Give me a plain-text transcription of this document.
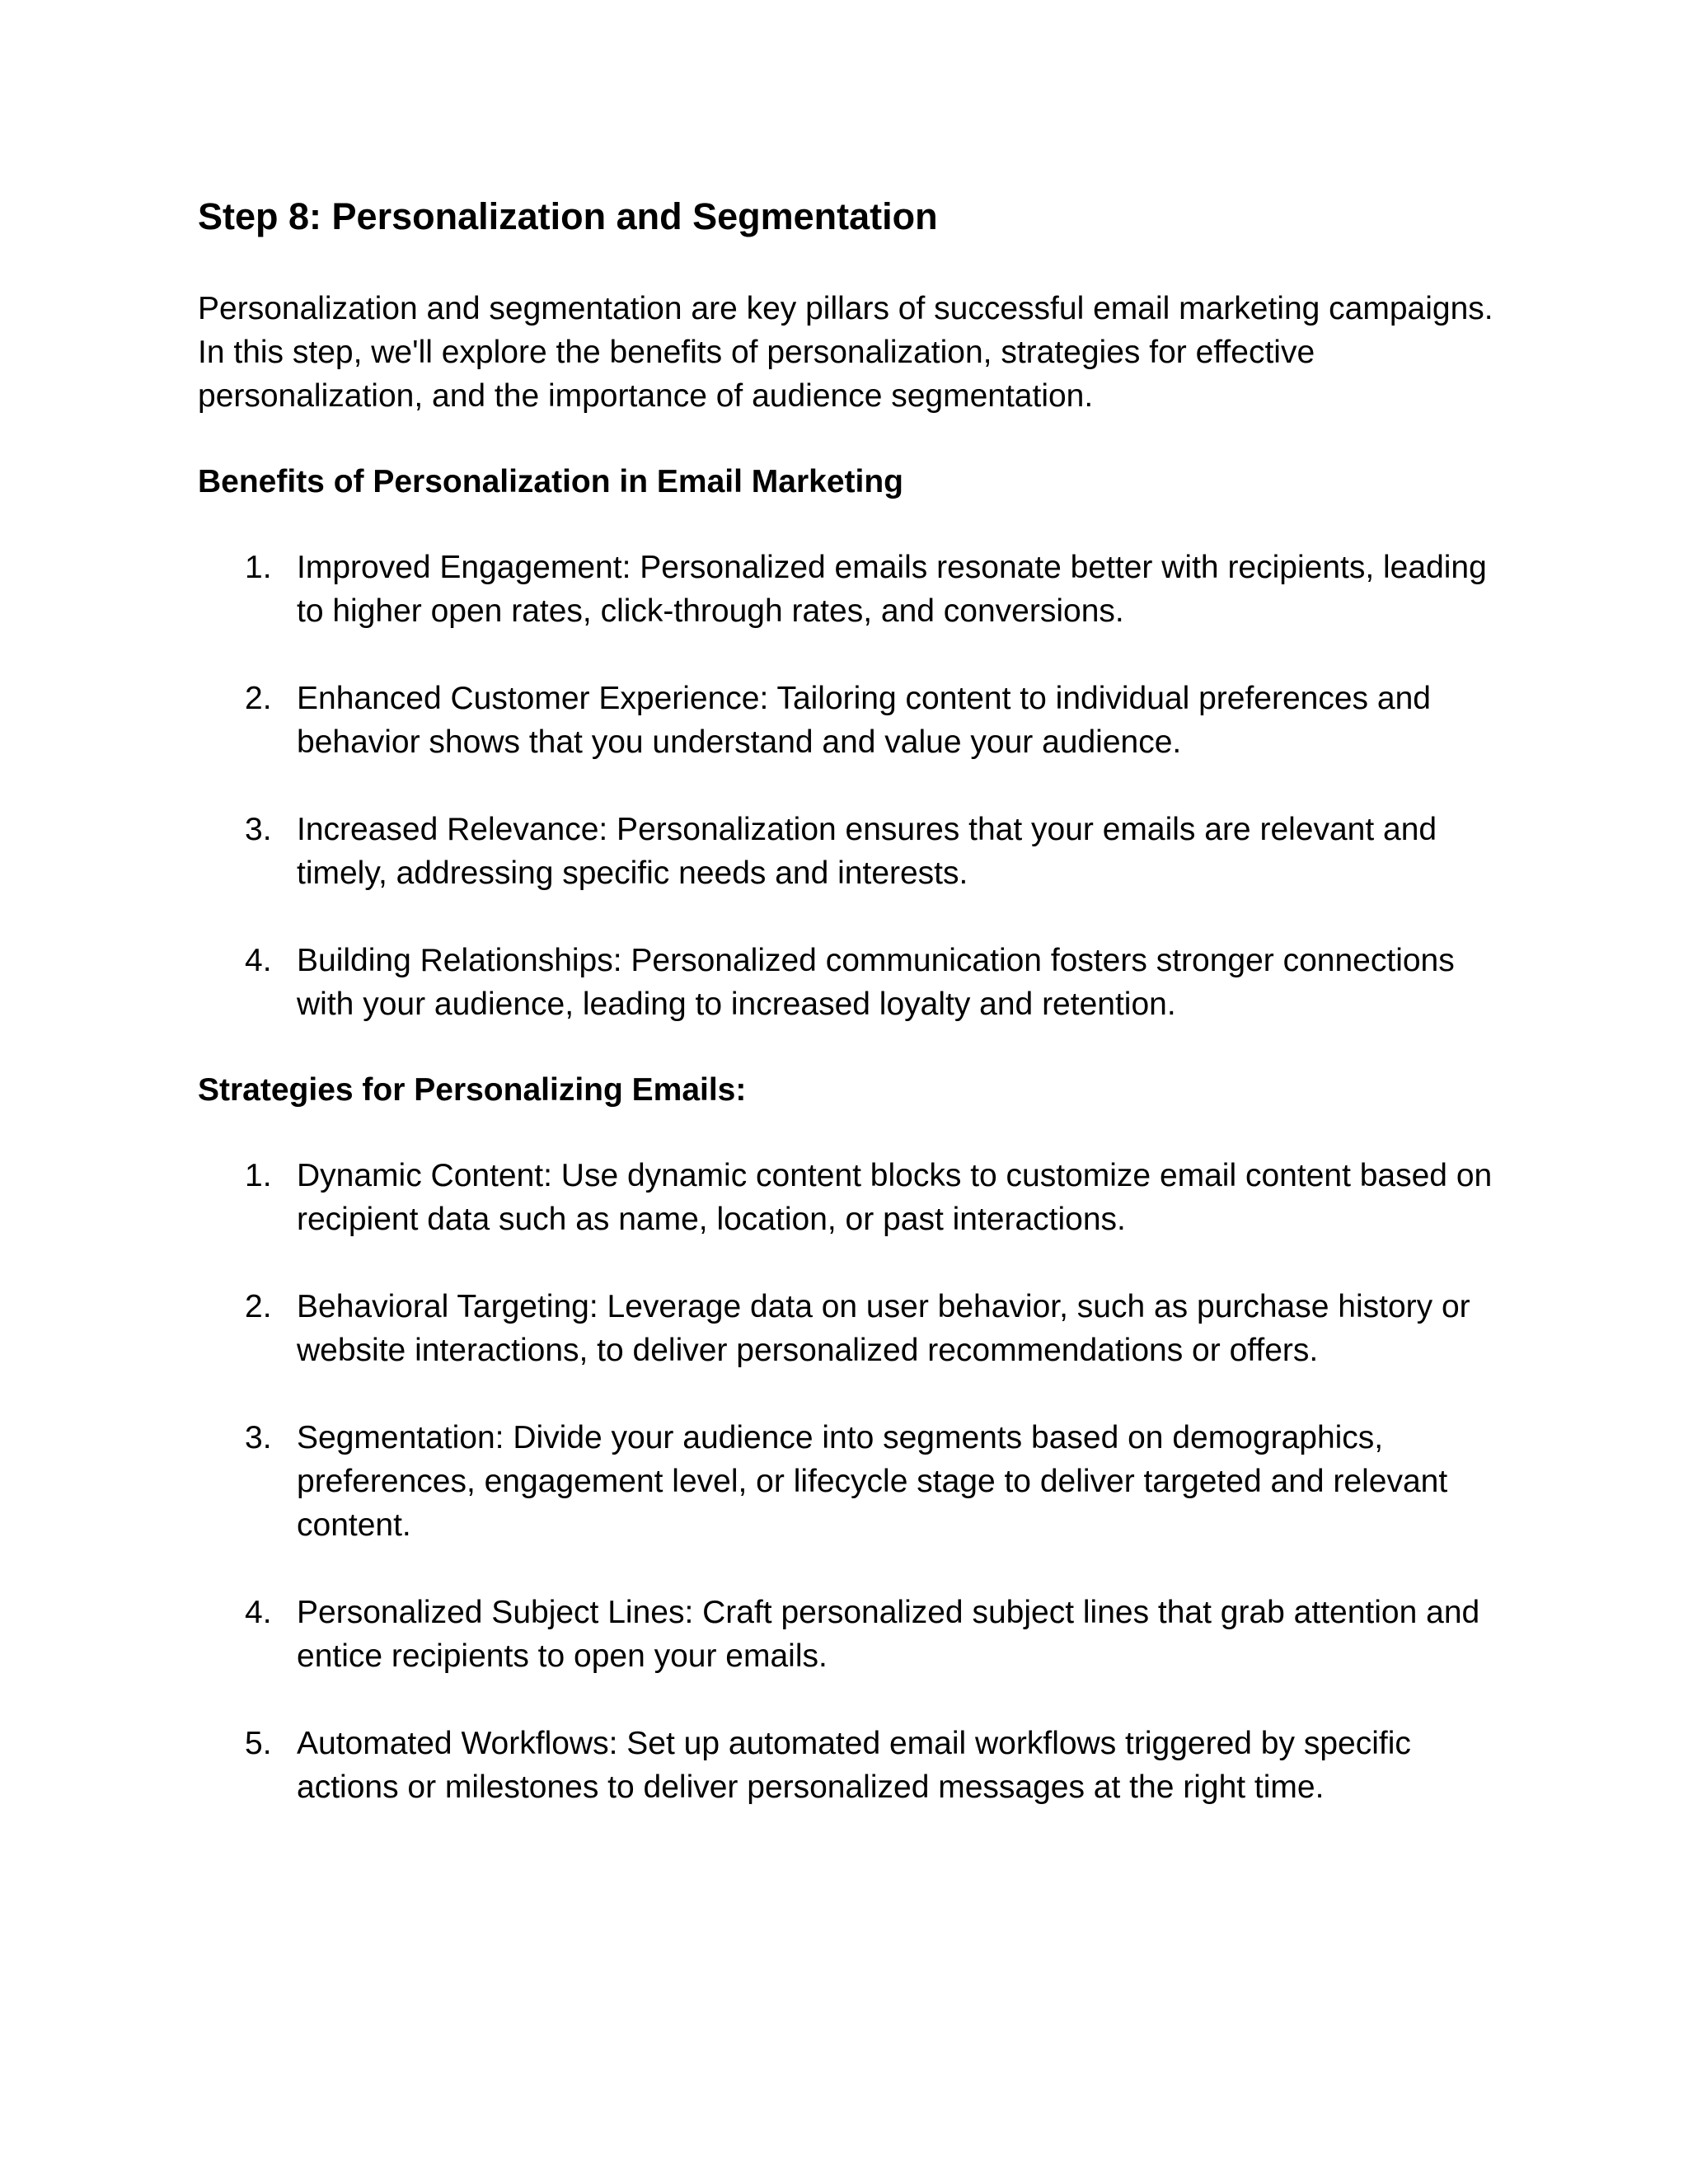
Step 8: Personalization and Segmentation

Personalization and segmentation are key pillars of successful email marketing campaigns. In this step, we'll explore the benefits of personalization, strategies for effective personalization, and the importance of audience segmentation.

Benefits of Personalization in Email Marketing
1. Improved Engagement: Personalized emails resonate better with recipients, leading to higher open rates, click-through rates, and conversions.
2. Enhanced Customer Experience: Tailoring content to individual preferences and behavior shows that you understand and value your audience.
3. Increased Relevance: Personalization ensures that your emails are relevant and timely, addressing specific needs and interests.
4. Building Relationships: Personalized communication fosters stronger connections with your audience, leading to increased loyalty and retention.
Strategies for Personalizing Emails:
1. Dynamic Content: Use dynamic content blocks to customize email content based on recipient data such as name, location, or past interactions.
2. Behavioral Targeting: Leverage data on user behavior, such as purchase history or website interactions, to deliver personalized recommendations or offers.
3. Segmentation: Divide your audience into segments based on demographics, preferences, engagement level, or lifecycle stage to deliver targeted and relevant content.
4. Personalized Subject Lines: Craft personalized subject lines that grab attention and entice recipients to open your emails.
5. Automated Workflows: Set up automated email workflows triggered by specific actions or milestones to deliver personalized messages at the right time.
